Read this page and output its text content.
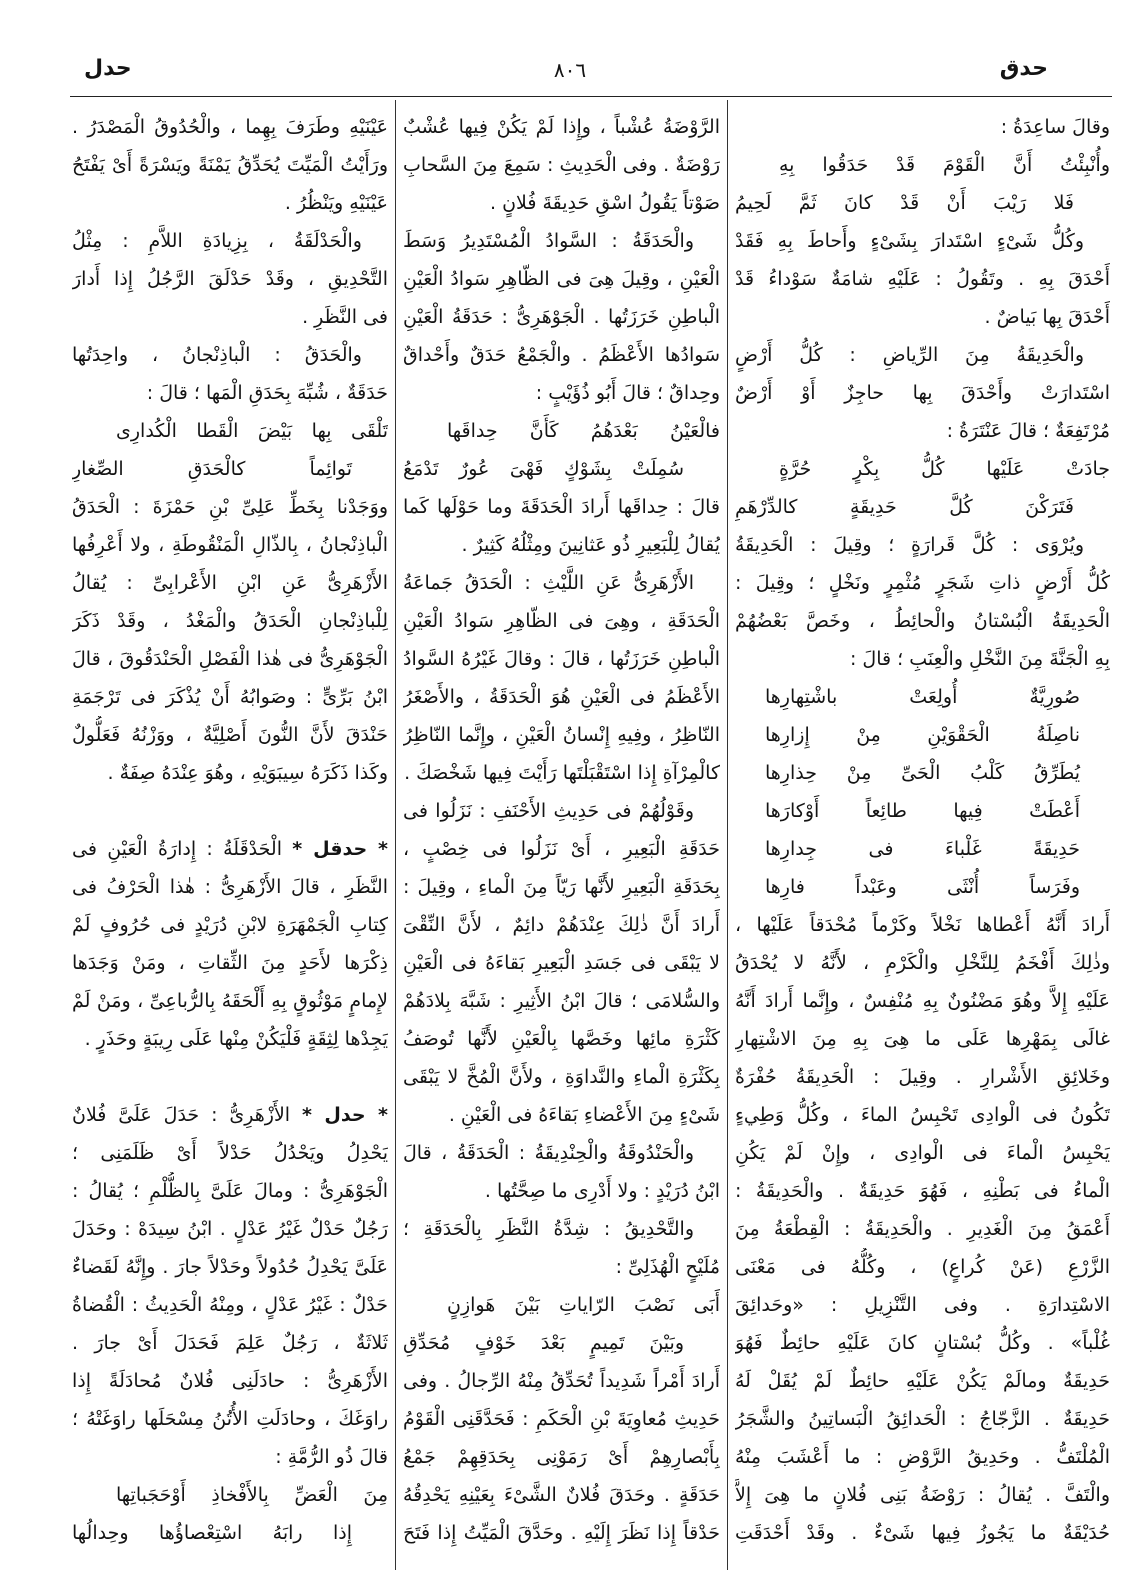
حدق
٨٠٦
حدل
وقالَ ساعِدَةُ :
وأُنْبِئْتُ أَنَّ الْقَوْمَ قَدْ حَدَقُوا بِهِ
فَلا رَيْبَ أَنْ قَدْ كانَ ثَمَّ لَحِيمُ
وكُلُّ شَىْءٍ اسْتَدارَ بِشَىْءٍ وأَحاطَ بِهِ فَقَدْ
أَحْدَقَ بِهِ . وتَقُولُ : عَلَيْهِ شامَةٌ سَوْداءُ قَدْ
أَحْدَقَ بِها بَياضٌ .
والْحَدِيقَةُ مِنَ الرِّياضِ : كُلُّ أَرْضٍ
اسْتَدارَتْ وأَحْدَقَ بِها حاجِزٌ أَوْ أَرْضٌ
مُرْتَفِعَةٌ ؛ قالَ عَنْتَرَةُ :
جادَتْ عَلَيْها كُلُّ بِكْرٍ حُرَّةٍ
فَتَرَكْنَ كُلَّ حَدِيقَةٍ كالدِّرْهَمِ
ويُرْوَى : كُلَّ قَرارَةٍ ؛ وقِيلَ : الْحَدِيقَةُ
كُلُّ أَرْضٍ ذاتِ شَجَرٍ مُثْمِرٍ ونَخْلٍ ؛ وقِيلَ :
الْحَدِيقَةُ الْبُسْتانُ والْحائِطُ ، وخَصَّ بَعْضُهُمْ
بِهِ الْجَنَّةَ مِنَ النَّخْلِ والْعِنَبِ ؛ قالَ :
صُورِيَّةٌ أُولِعَتْ باشْتِهارِها
ناصِلَةُ الْحَقْوَيْنِ مِنْ إِزارِها
يُطَرِّقُ كَلْبُ الْحَىِّ مِنْ حِذارِها
أَعْطَتْ فِيها طائِعاً أَوْكارَها
حَدِيقَةً غَلْباءَ فى جِدارِها
وفَرَساً أُنْثَى وعَبْداً فارِها
أَرادَ أَنَّهُ أَعْطاها نَخْلاً وكَرْماً مُحْدَقاً عَلَيْها ،
وذٰلِكَ أَفْخَمُ لِلنَّخْلِ والْكَرْمِ ، لأَنَّهُ لا يُحْدَقُ
عَلَيْهِ إِلاَّ وهُوَ مَضْنُونٌ بِهِ مُنْفِسٌ ، وإِنَّما أَرادَ أَنَّهُ
غالَى بِمَهْرِها عَلَى ما هِىَ بِهِ مِنَ الاشْتِهارِ
وخَلائِقِ الأَشْرارِ . وقِيلَ : الْحَدِيقَةُ حُفْرَةٌ
تَكُونُ فى الْوادِى تَحْبِسُ الماءَ ، وكُلُّ وَطِيءٍ
يَحْبِسُ الْماءَ فى الْوادِى ، وإِنْ لَمْ يَكُنِ
الْماءُ فى بَطْنِهِ ، فَهُوَ حَدِيقَةٌ . والْحَدِيقَةُ :
أَعْمَقُ مِنَ الْغَدِيرِ . والْحَدِيقَةُ : الْقِطْعَةُ مِنَ
الزَّرْعِ (عَنْ كُراعٍ) ، وكُلُّهُ فى مَعْنَى
الاسْتِدارَةِ . وفى التَّنْزِيلِ : «وحَدائِقَ
غُلْباً» . وكُلُّ بُسْتانٍ كانَ عَلَيْهِ حائِطٌ فَهُوَ
حَدِيقَةٌ ومالَمْ يَكُنْ عَلَيْهِ حائِطٌ لَمْ يُقَلْ لَهُ
حَدِيقَةٌ . الزَّجّاجُ : الْحَدائِقُ الْبَساتِينُ والشَّجَرُ
الْمُلْتَفُّ . وحَدِيقُ الرَّوْضِ : ما أَعْشَبَ مِنْهُ
والْتَفَّ . يُقالُ : رَوْضَةُ بَنِى فُلانٍ ما هِىَ إِلاَّ
حُدَيْقَةٌ ما يَجُوزُ فِيها شَىْءٌ . وقَدْ أَحْدَقَتِ
الرَّوْضَةُ عُشْباً ، وإِذا لَمْ يَكُنْ فِيها عُشْبٌ
رَوْضَةٌ . وفى الْحَدِيثِ : سَمِعَ مِنَ السَّحابِ
صَوْتاً يَقُولُ اسْقِ حَدِيقَةَ فُلانٍ .
والْحَدَقَةُ : السَّوادُ الْمُسْتَدِيرُ وَسَطَ
الْعَيْنِ ، وقِيلَ هِىَ فى الظّاهِرِ سَوادُ الْعَيْنِ
الْباطِنِ خَرَزَتُها . الْجَوْهَرِىُّ : حَدَقَةُ الْعَيْنِ
سَوادُها الأَعْظَمُ . والْجَمْعُ حَدَقٌ وأَحْداقٌ
وحِداقٌ ؛ قالَ أَبُو ذُؤَيْبٍ :
فالْعَيْنُ بَعْدَهُمُ كَأَنَّ حِداقَها
سُمِلَتْ بِشَوْكٍ فَهْىَ عُورٌ تَدْمَعُ
قالَ : حِداقَها أَرادَ الْحَدَقَةَ وما حَوْلَها كَما
يُقالُ لِلْبَعِيرِ ذُو عَثانِينَ ومِثْلُهُ كَثِيرٌ .
الأَزْهَرِىُّ عَنِ اللَّيْثِ : الْحَدَقُ جَماعَةُ
الْحَدَقَةِ ، وهِىَ فى الظّاهِرِ سَوادُ الْعَيْنِ
الْباطِنِ خَرَزَتُها ، قالَ : وقالَ غَيْرُهُ السَّوادُ
الأَعْظَمُ فى الْعَيْنِ هُوَ الْحَدَقَةُ ، والأَصْغَرُ
النّاظِرُ ، وفِيهِ إِنْسانُ الْعَيْنِ ، وإِنَّما النّاظِرُ
كالْمِرْآةِ إِذا اسْتَقْبَلْتَها رَأَيْتَ فِيها شَخْصَكَ .
وقَوْلُهُمْ فى حَدِيثِ الأَحْنَفِ : نَزَلُوا فى
حَدَقَةِ الْبَعِيرِ ، أَىْ نَزَلُوا فى خِصْبٍ ،
بِحَدَقَةِ الْبَعِيرِ لأَنَّها رَيّاً مِنَ الْماءِ ، وقِيلَ :
أَرادَ أَنَّ ذٰلِكَ عِنْدَهُمْ دائِمٌ ، لأَنَّ النِّقْىَ
لا يَبْقَى فى جَسَدِ الْبَعِيرِ بَقاءَهُ فى الْعَيْنِ
والسُّلامَى ؛ قالَ ابْنُ الأَثِيرِ : شَبَّهَ بِلادَهُمْ
كَثْرَةِ مائِها وخَصَّها بِالْعَيْنِ لأَنَّها تُوصَفُ
بِكَثْرَةِ الْماءِ والنَّداوَةِ ، ولأَنَّ الْمُخَّ لا يَبْقَى
شَىْءٍ مِنَ الأَعْضاءِ بَقاءَهُ فى الْعَيْنِ .
والْحَنْدُوقَةُ والْحِنْدِيقَةُ : الْحَدَقَةُ ، قالَ
ابْنُ دُرَيْدٍ : ولا أَدْرِى ما صِحَّتُها .
والتَّحْدِيقُ : شِدَّةُ النَّظَرِ بِالْحَدَقَةِ ؛
مُلَيْحٍ الْهُذَلِىِّ :
أَبَى نَصْبَ الرّاياتِ بَيْنَ هَوازِنٍ
وبَيْنَ تَمِيمٍ بَعْدَ خَوْفٍ مُحَدِّقِ
أَرادَ أَمْراً شَدِيداً تُحَدِّقُ مِنْهُ الرِّجالُ . وفى
حَدِيثِ مُعاوِيَةَ بْنِ الْحَكَمِ : فَحَدَّقَنِى الْقَوْمُ
بِأَبْصارِهِمْ أَىْ رَمَوْنِى بِحَدَقِهِمْ جَمْعُ
حَدَقَةٍ . وحَدَقَ فُلانٌ الشَّىْءَ بِعَيْنِهِ يَحْدِقُهُ
حَدْقاً إِذا نَظَرَ إِلَيْهِ . وحَدَّقَ الْمَيِّتُ إِذا فَتَحَ
عَيْنَيْهِ وطَرَفَ بِهِما ، والْحُدُوقُ الْمَصْدَرُ .
ورَأَيْتُ الْمَيِّتَ يُحَدِّقُ يَمْنَةً ويَسْرَةً أَىْ يَفْتَحُ
عَيْنَيْهِ ويَنْظُرُ .
والْحَدْلَقَةُ ، بِزِيادَةِ اللاَّمِ : مِثْلُ
التَّحْدِيقِ ، وقَدْ حَدْلَقَ الرَّجُلُ إِذا أَدارَ
فى النَّظَرِ .
والْحَدَقُ : الْباذِنْجانُ ، واحِدَتُها
حَدَقَةٌ ، شُبِّهَ بِحَدَقِ الْمَها ؛ قالَ :
تَلْقَى بِها بَيْضَ الْقَطا الْكُدارِى
تَوائِماً كالْحَدَقِ الصِّغارِ
ووَجَدْنا بِخَطِّ عَلِىِّ بْنِ حَمْزَةَ : الْحَدَقُ
الْباذِنْجانُ ، بِالذّالِ الْمَنْقُوطَةِ ، ولا أَعْرِفُها
الأَزْهَرِىُّ عَنِ ابْنِ الأَعْرابِىِّ : يُقالُ
لِلْباذِنْجانِ الْحَدَقُ والْمَغْدُ ، وقَدْ ذَكَرَ
الْجَوْهَرِىُّ فى هٰذا الْفَصْلِ الْحَنْدَقُوقَ ، قالَ
ابْنُ بَرِّىٍّ : وصَوابُهُ أَنْ يُذْكَرَ فى تَرْجَمَةِ
حَنْدَقَ لأَنَّ النُّونَ أَصْلِيَّةٌ ، ووَزْنُهُ فَعَلُّولٌ
وكَذا ذَكَرَهُ سِيبَوَيْهِ ، وهُوَ عِنْدَهُ صِفَةٌ .
* حدقل * الْحَدْقَلَةُ : إِدارَةُ الْعَيْنِ فى
النَّظَرِ ، قالَ الأَزْهَرِىُّ : هٰذا الْحَرْفُ فى
كِتابِ الْجَمْهَرَةِ لابْنِ دُرَيْدٍ فى حُرُوفٍ لَمْ
ذِكْرَها لأَحَدٍ مِنَ الثِّقاتِ ، ومَنْ وَجَدَها
لإِمامٍ مَوْثُوقٍ بِهِ أَلْحَقَهُ بِالرُّباعِىِّ ، ومَنْ لَمْ
يَجِدْها لِثِقَةٍ فَلْيَكُنْ مِنْها عَلَى رِيبَةٍ وحَذَرٍ .
* حدل * الأَزْهَرِىُّ : حَدَلَ عَلَىَّ فُلانٌ
يَحْدِلُ ويَحْدُلُ حَدْلاً أَىْ ظَلَمَنِى ؛
الْجَوْهَرِىُّ : ومالَ عَلَىَّ بِالظُّلْمِ ؛ يُقالُ :
رَجُلٌ حَدْلٌ غَيْرُ عَدْلٍ . ابْنُ سِيدَهْ : وحَدَلَ
عَلَىَّ يَحْدِلُ حُدُولاً وحَدْلاً جارَ . وإِنَّهُ لَقَضاءٌ
حَدْلٌ : غَيْرُ عَدْلٍ ، ومِنْهُ الْحَدِيثُ : الْقُضاةُ
ثَلاثَةٌ ، رَجُلٌ عَلِمَ فَحَدَلَ أَىْ جارَ .
الأَزْهَرِىُّ : حادَلَنِى فُلانٌ مُحادَلَةً إِذا
راوَغَكَ ، وحادَلَتِ الأُتُنُ مِسْحَلَها راوَغَتْهُ ؛
قالَ ذُو الرُّمَّةِ :
مِنَ الْعَضِّ بِالأَفْخاذِ أَوْحَجَباتِها
إِذا رابَهُ اسْتِعْصاؤُها وحِدالُها
